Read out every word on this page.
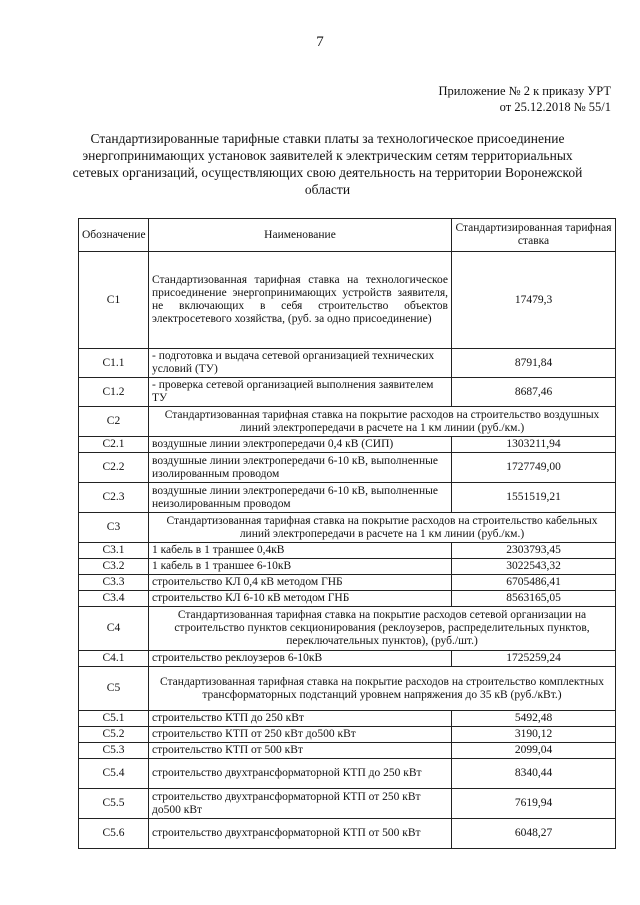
7
Приложение № 2 к приказу УРТ
от 25.12.2018 № 55/1
Стандартизированные тарифные ставки платы за технологическое присоединение энергопринимающих установок заявителей к электрическим сетям территориальных сетевых организаций, осуществляющих свою деятельность на территории Воронежской области
Обозначение	Наименование	Стандартизированная тарифная ставка
С1	Стандартизованная тарифная ставка на технологическое присоединение энергопринимающих устройств заявителя, не включающих в себя строительство объектов электросетевого хозяйства, (руб. за одно присоединение)	17479,3
С1.1	- подготовка и выдача сетевой организацией технических условий (ТУ)	8791,84
С1.2	- проверка сетевой организацией выполнения заявителем ТУ	8687,46
С2	Стандартизованная тарифная ставка на покрытие расходов на строительство воздушных линий электропередачи в расчете на 1 км линии (руб./км.)	
С2.1	воздушные линии электропередачи 0,4 кВ (СИП)	1303211,94
С2.2	воздушные линии электропередачи 6-10 кВ, выполненные изолированным проводом	1727749,00
С2.3	воздушные линии электропередачи 6-10 кВ, выполненные неизолированным проводом	1551519,21
С3	Стандартизованная тарифная ставка на покрытие расходов на строительство кабельных линий электропередачи в расчете на 1 км линии (руб./км.)	
С3.1	1 кабель в 1 траншее 0,4кВ	2303793,45
С3.2	1 кабель в 1 траншее 6-10кВ	3022543,32
С3.3	строительство КЛ 0,4 кВ методом ГНБ	6705486,41
С3.4	строительство КЛ 6-10 кВ методом ГНБ	8563165,05
С4	Стандартизованная тарифная ставка на покрытие расходов сетевой организации на строительство пунктов секционирования (реклоузеров, распределительных пунктов, переключательных пунктов), (руб./шт.)	
С4.1	строительство реклоузеров 6-10кВ	1725259,24
С5	Стандартизованная тарифная ставка на покрытие расходов на строительство комплектных трансформаторных подстанций уровнем напряжения до 35 кВ (руб./кВт.)	
С5.1	строительство КТП до 250 кВт	5492,48
С5.2	строительство КТП от 250 кВт до500 кВт	3190,12
С5.3	строительство КТП от 500 кВт	2099,04
С5.4	строительство двухтрансформаторной КТП до 250 кВт	8340,44
С5.5	строительство двухтрансформаторной КТП от 250 кВт до500 кВт	7619,94
С5.6	строительство двухтрансформаторной КТП от 500 кВт	6048,27
